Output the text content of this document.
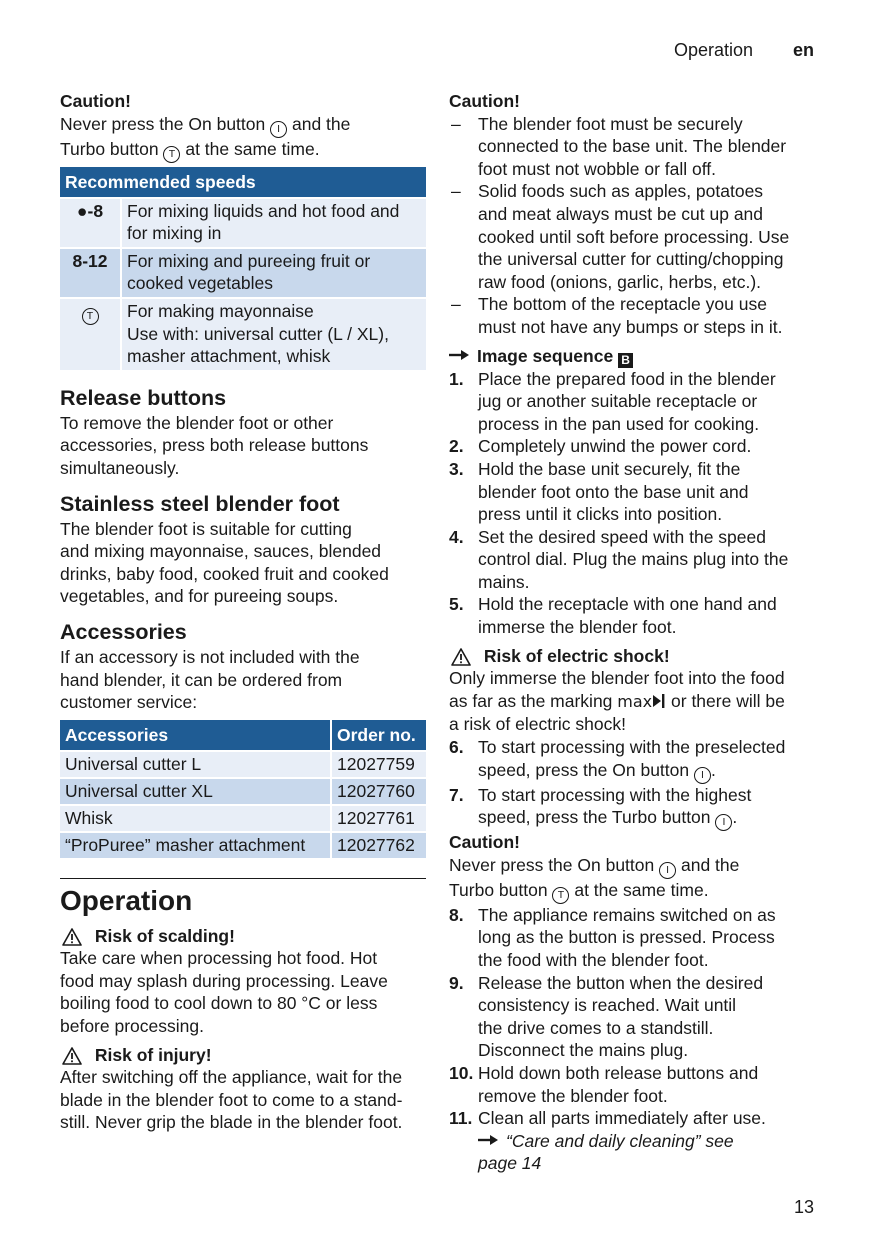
Operation en

Caution!

Never press the On button I and the
Turbo button T at the same time.

Recommended speeds	
●-8	For mixing liquids and hot food and
for mixing in
8-12	For mixing and pureeing fruit or
cooked vegetables
T	For making mayonnaise
Use with: universal cutter (L / XL),
masher attachment, whisk
Release buttons

To remove the blender foot or other
accessories, press both release buttons
simultaneously.

Stainless steel blender foot

The blender foot is suitable for cutting
and mixing mayonnaise, sauces, blended
drinks, baby food, cooked fruit and cooked
vegetables, and for pureeing soups.

Accessories

If an accessory is not included with the
hand blender, it can be ordered from
customer service:

Accessories	Order no.
Universal cutter L	12027759
Universal cutter XL	12027760
Whisk	12027761
“ProPuree” masher attachment	12027762
Operation

Risk of scalding!

Take care when processing hot food. Hot
food may splash during processing. Leave
boiling food to cool down to 80 °C or less
before processing.

Risk of injury!

After switching off the appliance, wait for the
blade in the blender foot to come to a stand-
still. Never grip the blade in the blender foot.

Caution!

– The blender foot must be securely
connected to the base unit. The blender
foot must not wobble or fall off.
– Solid foods such as apples, potatoes
and meat always must be cut up and
cooked until soft before processing. Use
the universal cutter for cutting/chopping
raw food (onions, garlic, herbs, etc.).
– The bottom of the receptacle you use
must not have any bumps or steps in it.

Image sequence B

1. Place the prepared food in the blender
jug or another suitable receptacle or
process in the pan used for cooking.
2. Completely unwind the power cord.
3. Hold the base unit securely, fit the
blender foot onto the base unit and
press until it clicks into position.
4. Set the desired speed with the speed
control dial. Plug the mains plug into the
mains.
5. Hold the receptacle with one hand and
immerse the blender foot.

Risk of electric shock!

Only immerse the blender foot into the food
as far as the marking max or there will be
a risk of electric shock!

6. To start processing with the preselected
speed, press the On button I .
7. To start processing with the highest
speed, press the Turbo button I .

Caution!

Never press the On button I and the
Turbo button T at the same time.

8. The appliance remains switched on as
long as the button is pressed. Process
the food with the blender foot.
9. Release the button when the desired
consistency is reached. Wait until
the drive comes to a standstill.
Disconnect the mains plug.
10. Hold down both release buttons and
remove the blender foot.
11. Clean all parts immediately after use.
“Care and daily cleaning” see
page 14
13
